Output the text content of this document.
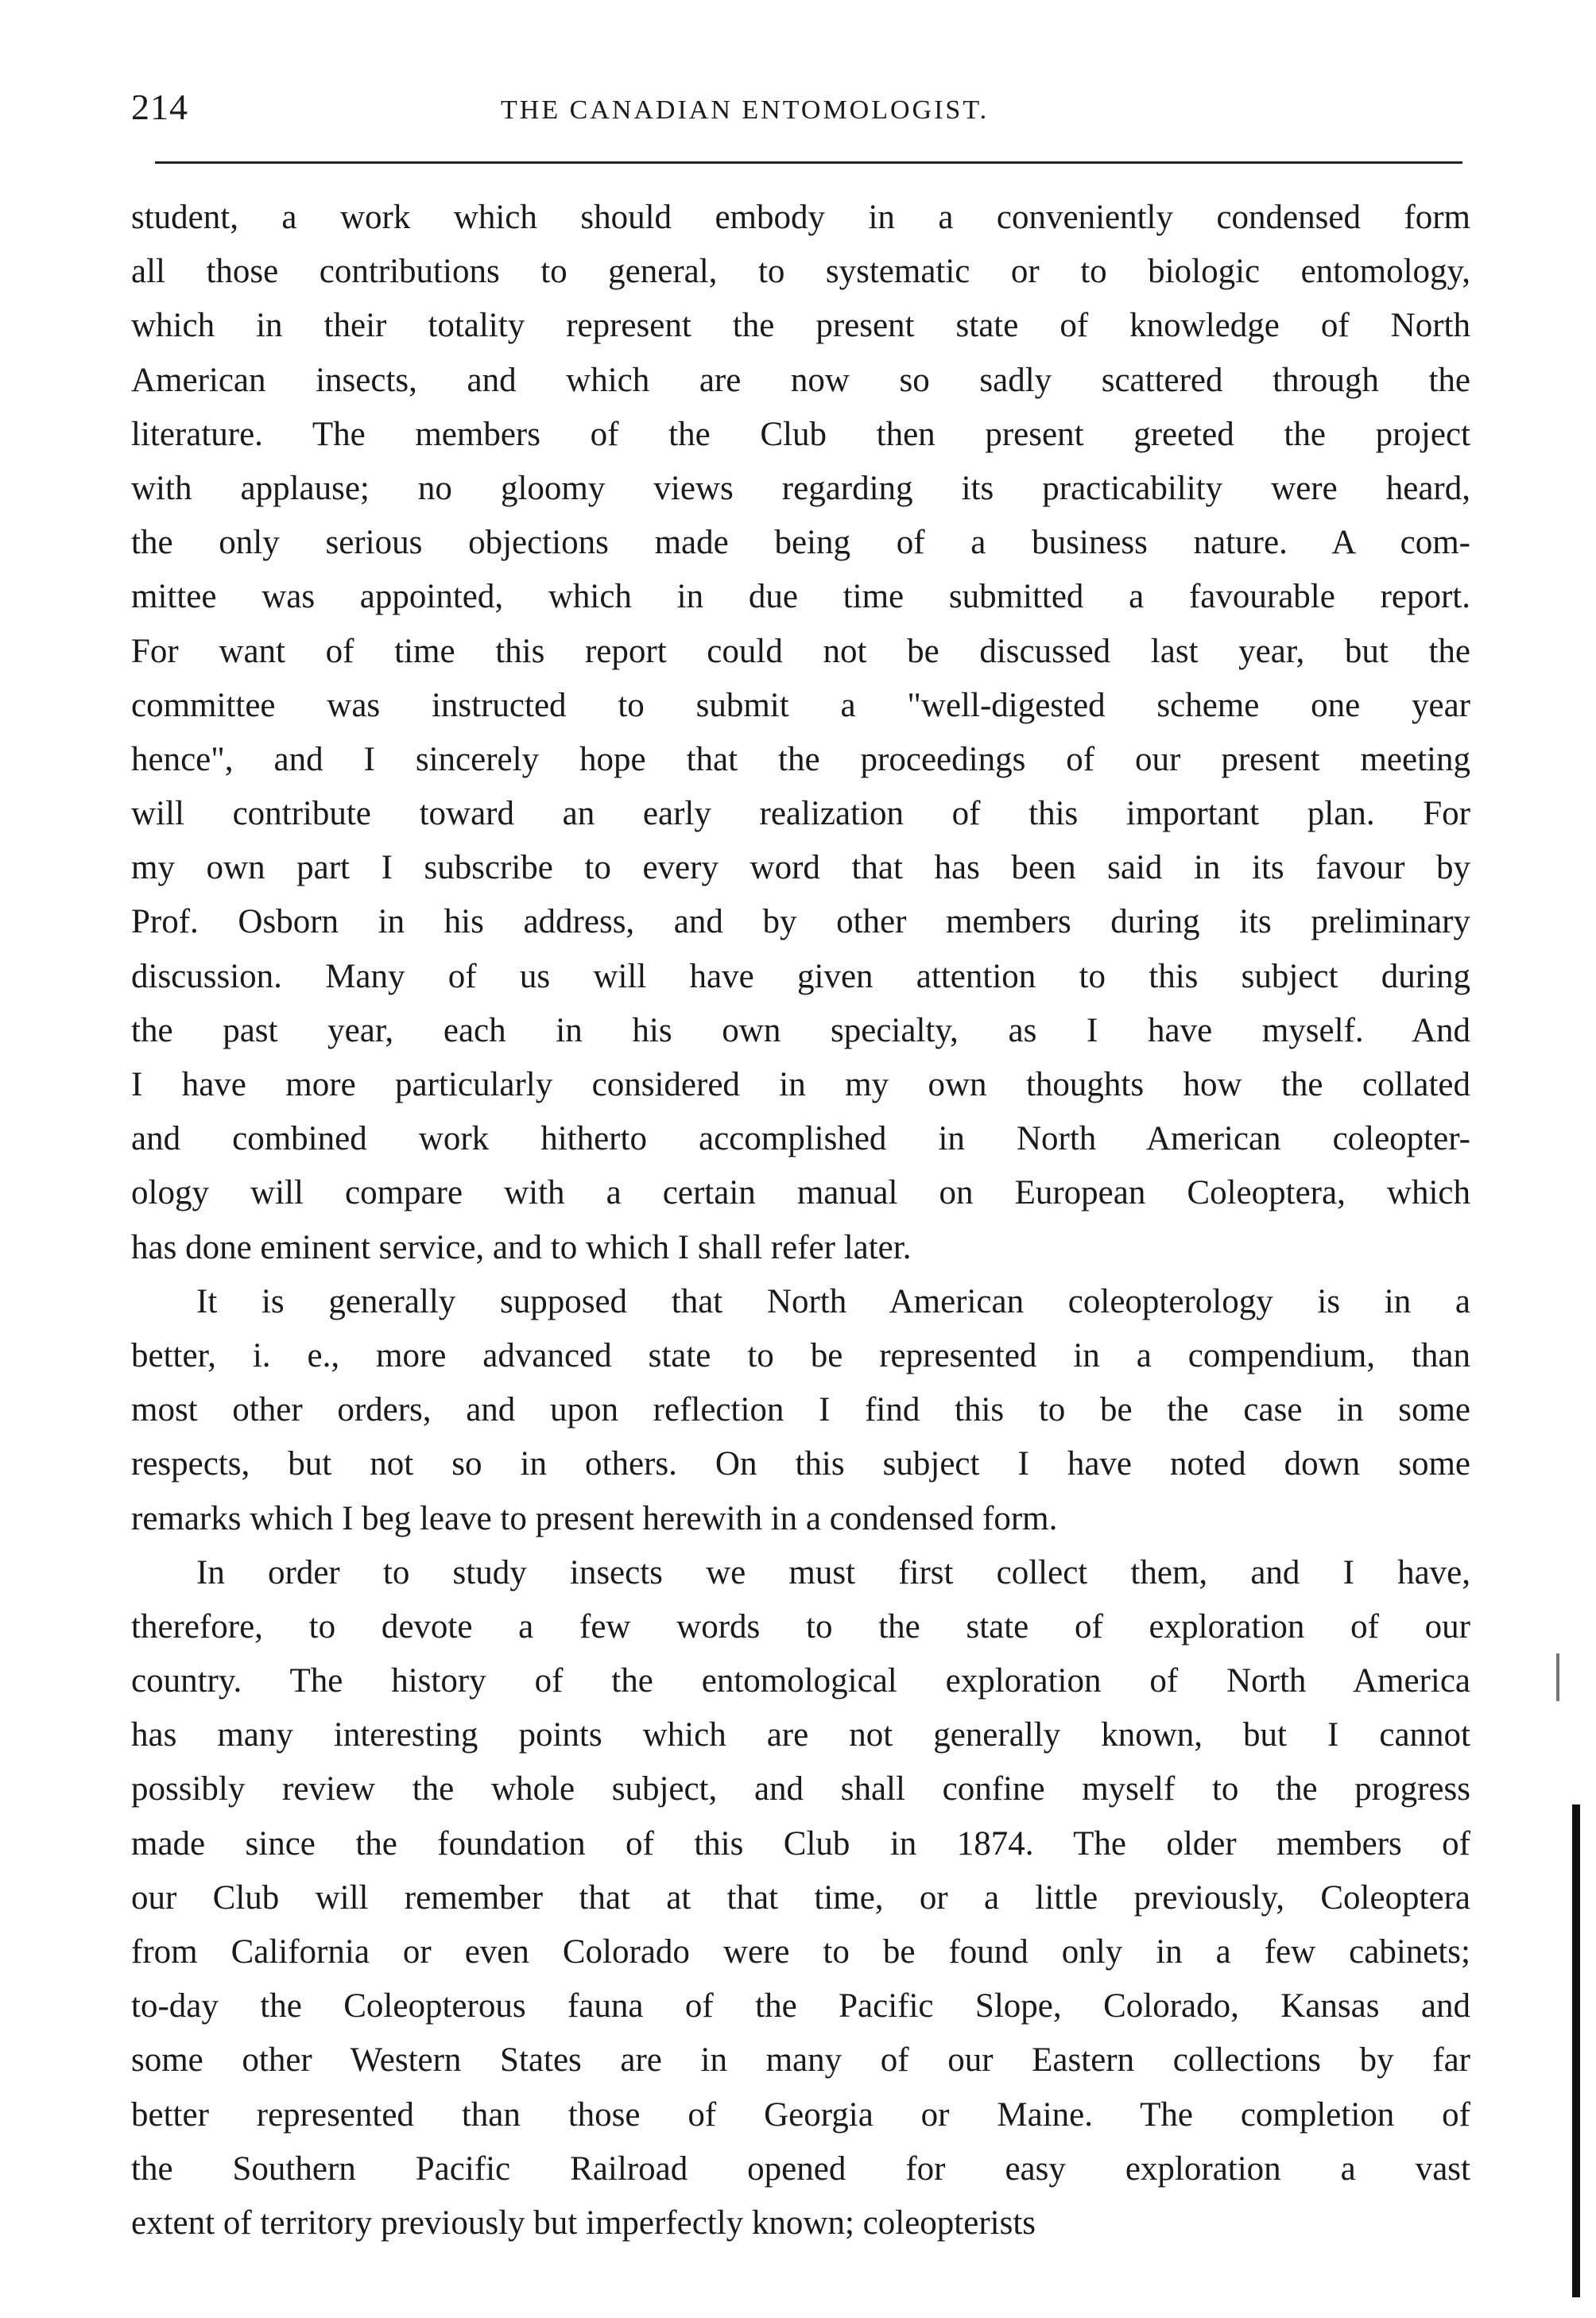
214	THE CANADIAN ENTOMOLOGIST.
student, a work which should embody in a conveniently condensed form
all those contributions to general, to systematic or to biologic entomology,
which in their totality represent the present state of knowledge of North
American insects, and which are now so sadly scattered through the
literature. The members of the Club then present greeted the project
with applause; no gloomy views regarding its practicability were heard,
the only serious objections made being of a business nature. A com-
mittee was appointed, which in due time submitted a favourable report.
For want of time this report could not be discussed last year, but the
committee was instructed to submit a "well-digested scheme one year
hence", and I sincerely hope that the proceedings of our present meeting
will contribute toward an early realization of this important plan. For
my own part I subscribe to every word that has been said in its favour by
Prof. Osborn in his address, and by other members during its preliminary
discussion. Many of us will have given attention to this subject during
the past year, each in his own specialty, as I have myself. And
I have more particularly considered in my own thoughts how the collated
and combined work hitherto accomplished in North American coleopter-
ology will compare with a certain manual on European Coleoptera, which
has done eminent service, and to which I shall refer later.
It is generally supposed that North American coleopterology is in a
better, i. e., more advanced state to be represented in a compendium, than
most other orders, and upon reflection I find this to be the case in some
respects, but not so in others. On this subject I have noted down some
remarks which I beg leave to present herewith in a condensed form.
In order to study insects we must first collect them, and I have,
therefore, to devote a few words to the state of exploration of our
country. The history of the entomological exploration of North America
has many interesting points which are not generally known, but I cannot
possibly review the whole subject, and shall confine myself to the progress
made since the foundation of this Club in 1874. The older members of
our Club will remember that at that time, or a little previously, Coleoptera
from California or even Colorado were to be found only in a few cabinets;
to-day the Coleopterous fauna of the Pacific Slope, Colorado, Kansas and
some other Western States are in many of our Eastern collections by far
better represented than those of Georgia or Maine. The completion of
the Southern Pacific Railroad opened for easy exploration a vast
extent of territory previously but imperfectly known; coleopterists
